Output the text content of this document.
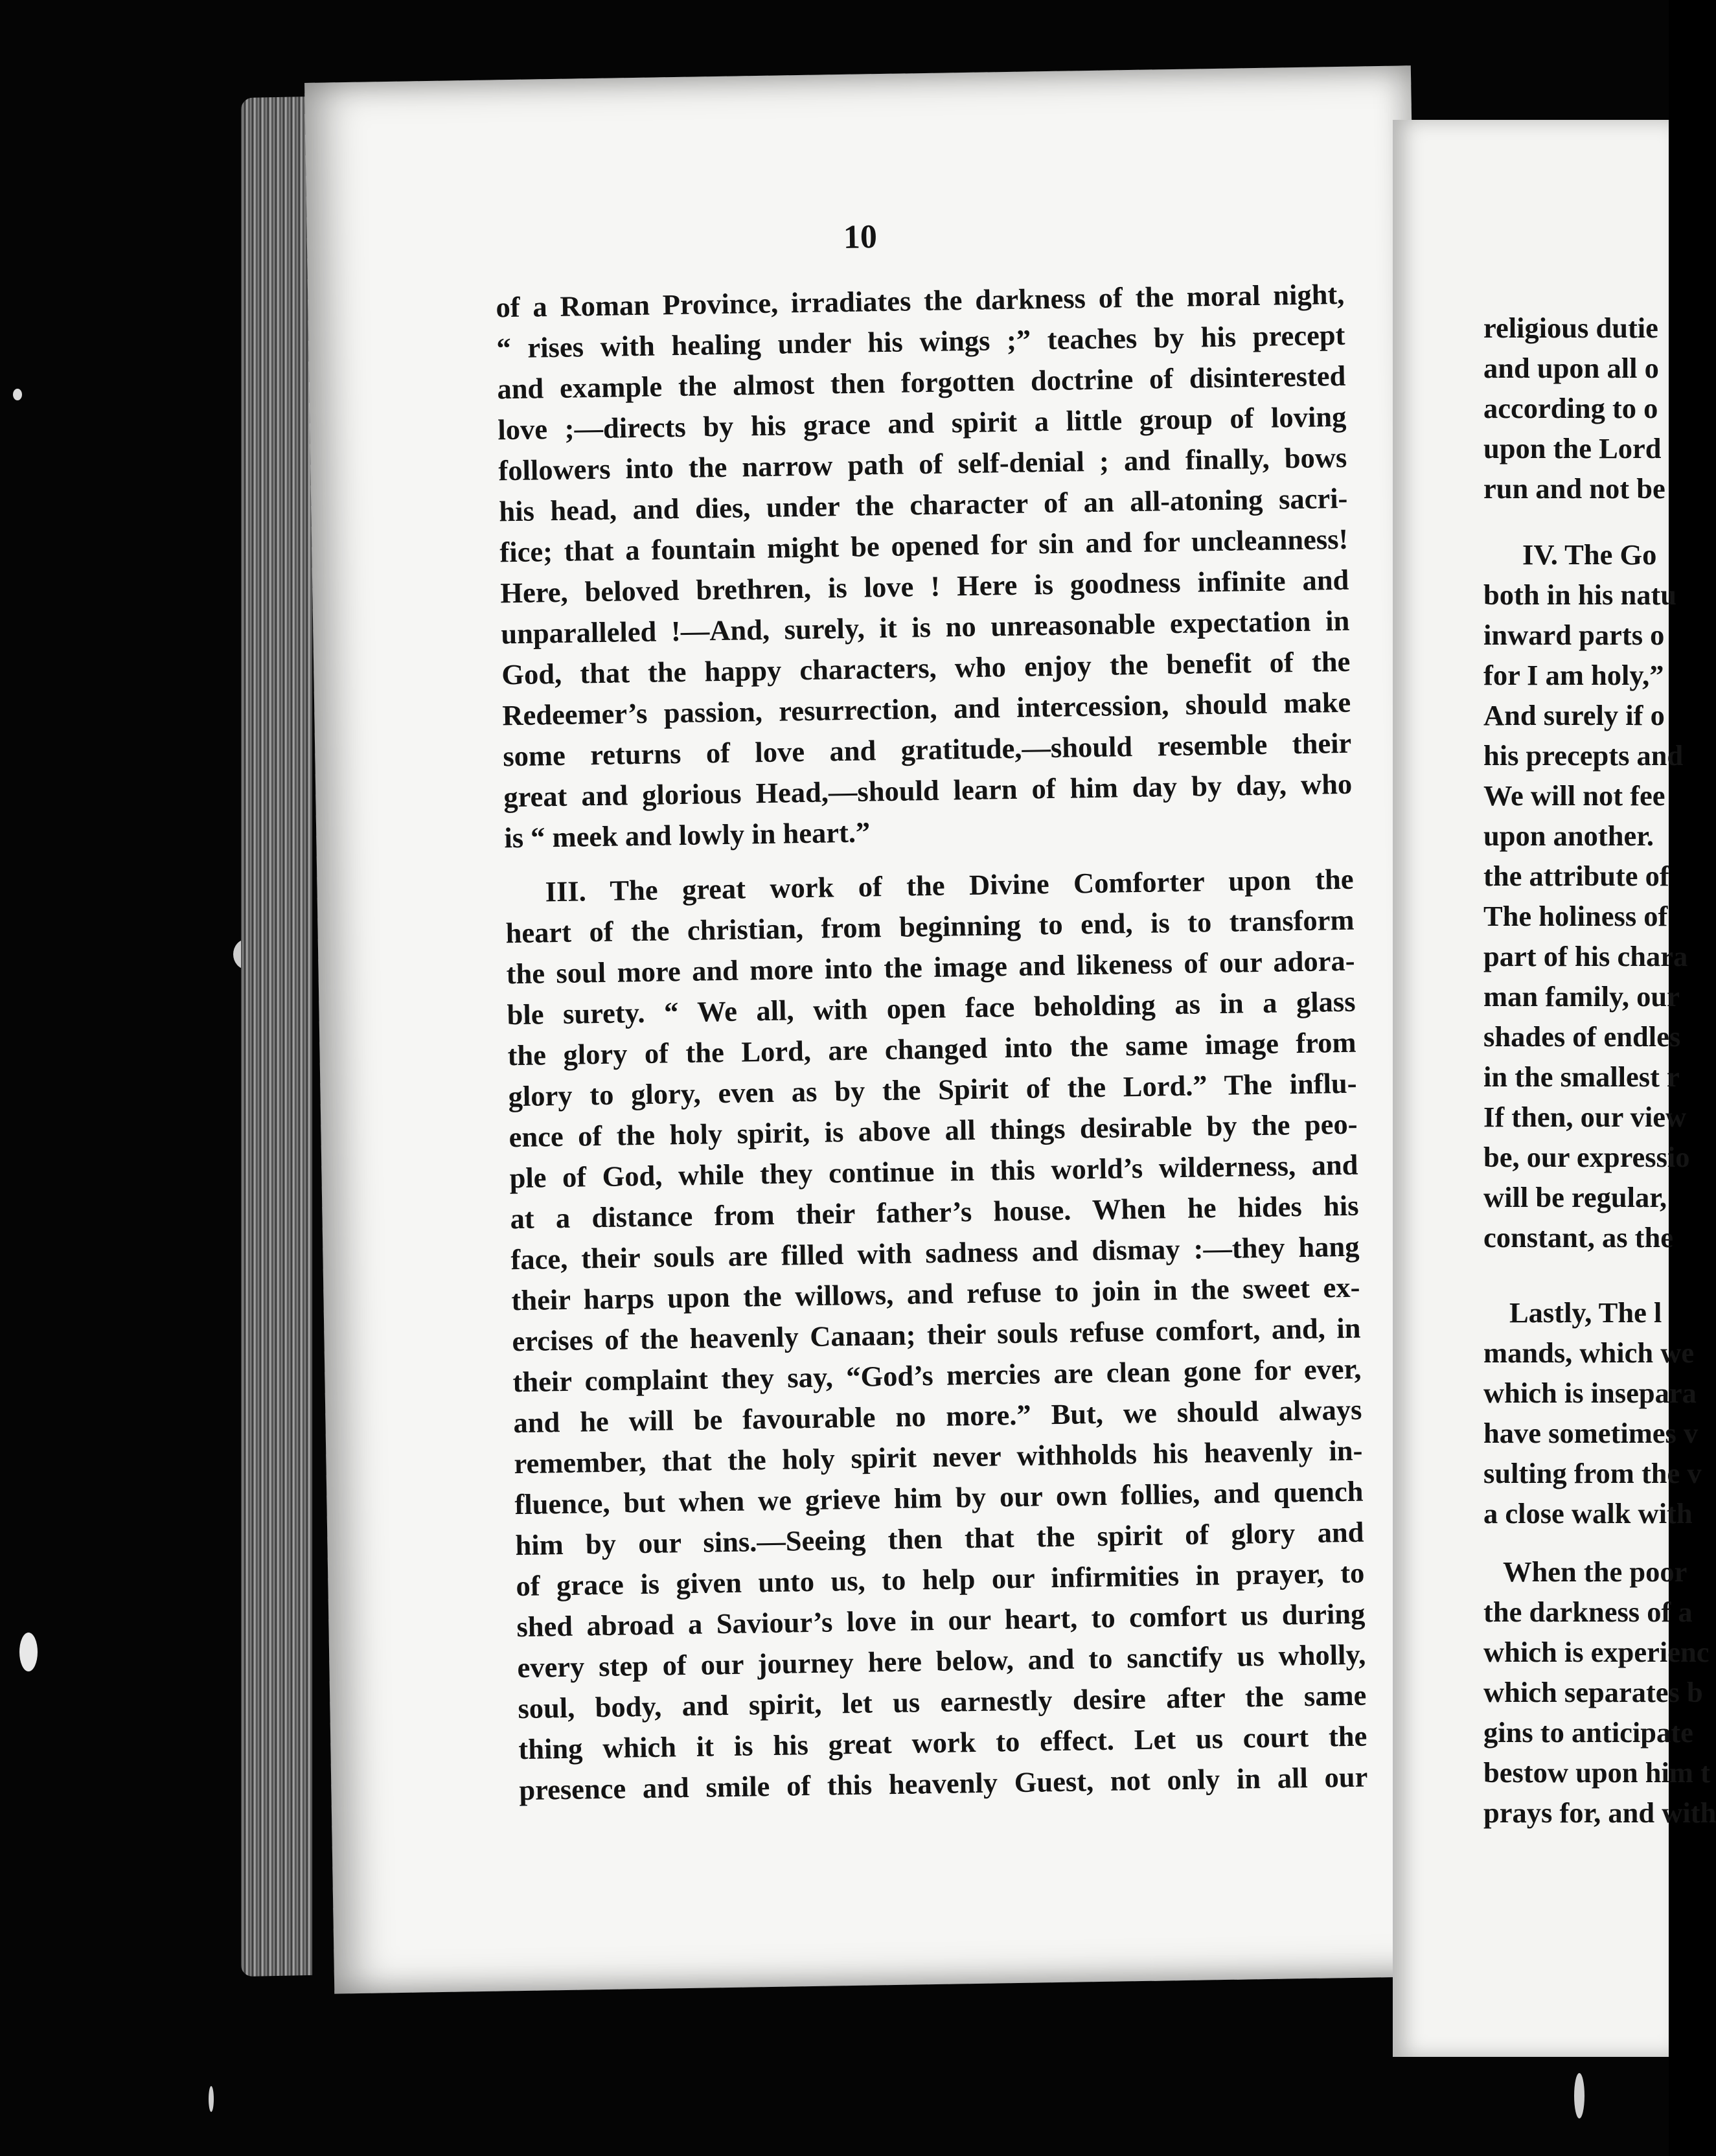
10
of a Roman Province, irradiates the darkness of the moral night,
“ rises with healing under his wings ;” teaches by his precept
and example the almost then forgotten doctrine of disinterested
love ;—directs by his grace and spirit a little group of loving
followers into the narrow path of self-denial ; and finally, bows
his head, and dies, under the character of an all-atoning sacri-
fice; that a fountain might be opened for sin and for uncleanness!
Here, beloved brethren, is love ! Here is goodness infinite and
unparalleled !—And, surely, it is no unreasonable expectation in
God, that the happy characters, who enjoy the benefit of the
Redeemer’s passion, resurrection, and intercession, should make
some returns of love and gratitude,—should resemble their
great and glorious Head,—should learn of him day by day, who
is “ meek and lowly in heart.”
III. The great work of the Divine Comforter upon the
heart of the christian, from beginning to end, is to transform
the soul more and more into the image and likeness of our adora-
ble surety. “ We all, with open face beholding as in a glass
the glory of the Lord, are changed into the same image from
glory to glory, even as by the Spirit of the Lord.” The influ-
ence of the holy spirit, is above all things desirable by the peo-
ple of God, while they continue in this world’s wilderness, and
at a distance from their father’s house. When he hides his
face, their souls are filled with sadness and dismay :—they hang
their harps upon the willows, and refuse to join in the sweet ex-
ercises of the heavenly Canaan; their souls refuse comfort, and, in
their complaint they say, “God’s mercies are clean gone for ever,
and he will be favourable no more.” But, we should always
remember, that the holy spirit never withholds his heavenly in-
fluence, but when we grieve him by our own follies, and quench
him by our sins.—Seeing then that the spirit of glory and
of grace is given unto us, to help our infirmities in prayer, to
shed abroad a Saviour’s love in our heart, to comfort us during
every step of our journey here below, and to sanctify us wholly,
soul, body, and spirit, let us earnestly desire after the same
thing which it is his great work to effect. Let us court the
presence and smile of this heavenly Guest, not only in all our
religious dutie
and upon all o
according to o
upon the Lord
run and not be
IV. The Go
both in his natu
inward parts o
for I am holy,”
And surely if o
his precepts and
We will not fee
upon another.
the attribute of
The holiness of
part of his chara
man family, our
shades of endles
in the smallest r
If then, our view
be, our expressio
will be regular,
constant, as the
Lastly, The l
mands, which we
which is insepara
have sometimes v
sulting from the v
a close walk with
When the poor
the darkness of a
which is experienc
which separates b
gins to anticipate
bestow upon him t
prays for, and with
